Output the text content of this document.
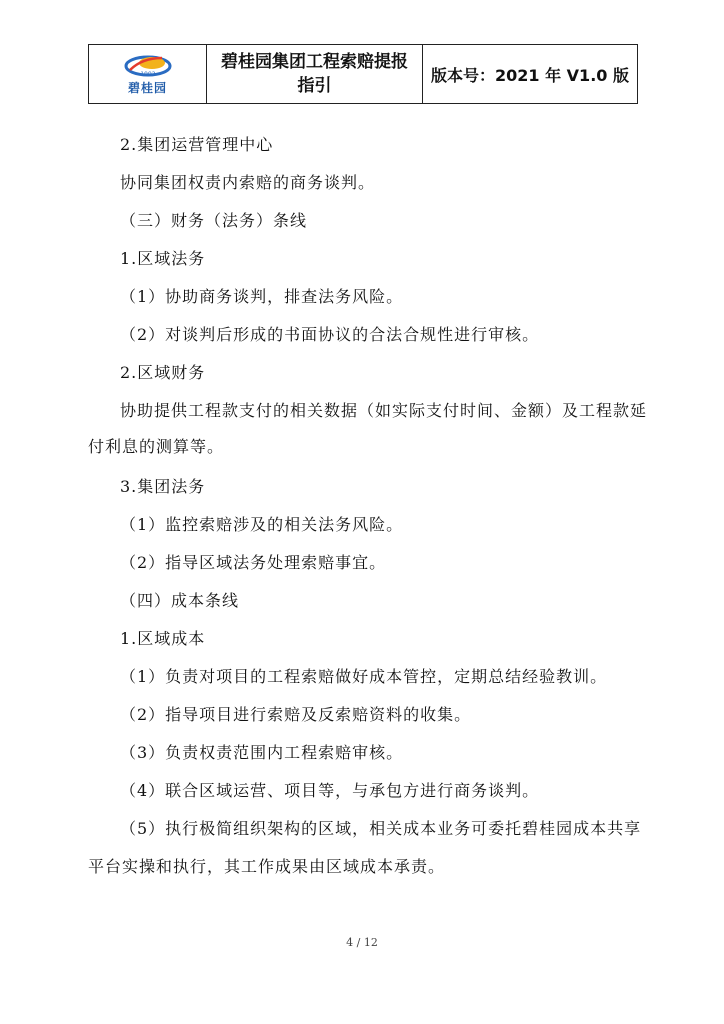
1992
碧桂园
碧桂园集团工程索赔提报指引
版本号：2021 年 V1.0 版
2.集团运营管理中心
协同集团权责内索赔的商务谈判。
（三）财务（法务）条线
1.区域法务
（1）协助商务谈判，排查法务风险。
（2）对谈判后形成的书面协议的合法合规性进行审核。
2.区域财务
协助提供工程款支付的相关数据（如实际支付时间、金额）及工程款延
付利息的测算等。
3.集团法务
（1）监控索赔涉及的相关法务风险。
（2）指导区域法务处理索赔事宜。
（四）成本条线
1.区域成本
（1）负责对项目的工程索赔做好成本管控，定期总结经验教训。
（2）指导项目进行索赔及反索赔资料的收集。
（3）负责权责范围内工程索赔审核。
（4）联合区域运营、项目等，与承包方进行商务谈判。
（5）执行极简组织架构的区域，相关成本业务可委托碧桂园成本共享
平台实操和执行，其工作成果由区域成本承责。
4 / 12
